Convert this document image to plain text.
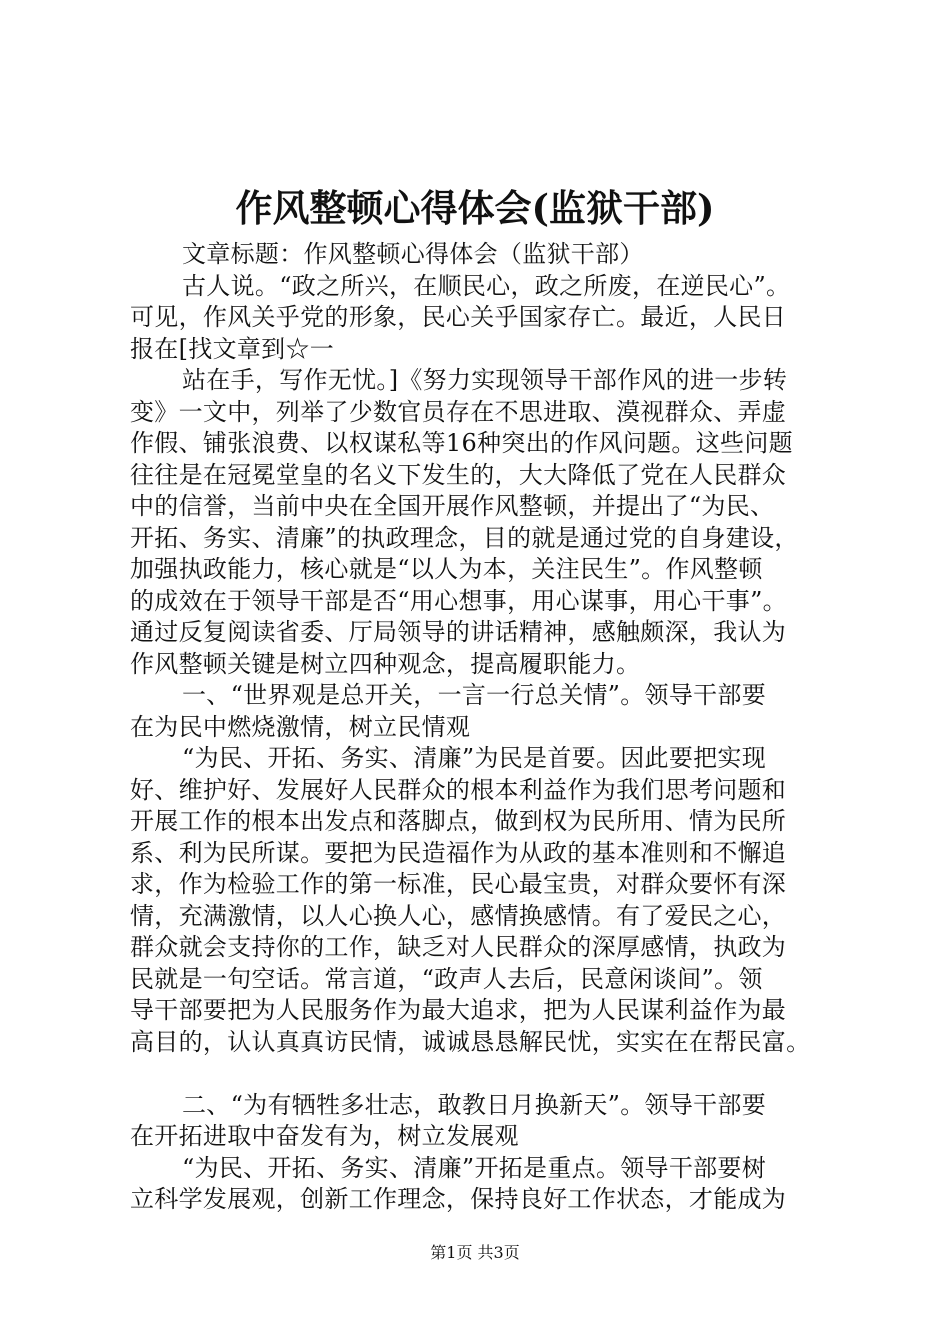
作风整顿心得体会(监狱干部)
文章标题：作风整顿心得体会（监狱干部）
古人说。“政之所兴，在顺民心，政之所废，在逆民心”。
可见，作风关乎党的形象，民心关乎国家存亡。最近，人民日
报在[找文章到☆一
站在手，写作无忧。]《努力实现领导干部作风的进一步转
变》一文中，列举了少数官员存在不思进取、漠视群众、弄虚
作假、铺张浪费、以权谋私等16种突出的作风问题。这些问题
往往是在冠冕堂皇的名义下发生的，大大降低了党在人民群众
中的信誉，当前中央在全国开展作风整顿，并提出了“为民、
开拓、务实、清廉”的执政理念，目的就是通过党的自身建设，
加强执政能力，核心就是“以人为本，关注民生”。作风整顿
的成效在于领导干部是否“用心想事，用心谋事，用心干事”。
通过反复阅读省委、厅局领导的讲话精神，感触颇深，我认为
作风整顿关键是树立四种观念，提高履职能力。
一、“世界观是总开关，一言一行总关情”。领导干部要
在为民中燃烧激情，树立民情观
“为民、开拓、务实、清廉”为民是首要。因此要把实现
好、维护好、发展好人民群众的根本利益作为我们思考问题和
开展工作的根本出发点和落脚点，做到权为民所用、情为民所
系、利为民所谋。要把为民造福作为从政的基本准则和不懈追
求，作为检验工作的第一标准，民心最宝贵，对群众要怀有深
情，充满激情，以人心换人心，感情换感情。有了爱民之心，
群众就会支持你的工作，缺乏对人民群众的深厚感情，执政为
民就是一句空话。常言道，“政声人去后，民意闲谈间”。领
导干部要把为人民服务作为最大追求，把为人民谋利益作为最
高目的，认认真真访民情，诚诚恳恳解民忧，实实在在帮民富。
二、“为有牺牲多壮志，敢教日月换新天”。领导干部要
在开拓进取中奋发有为，树立发展观
“为民、开拓、务实、清廉”开拓是重点。领导干部要树
立科学发展观，创新工作理念，保持良好工作状态，才能成为
第1页 共3页
